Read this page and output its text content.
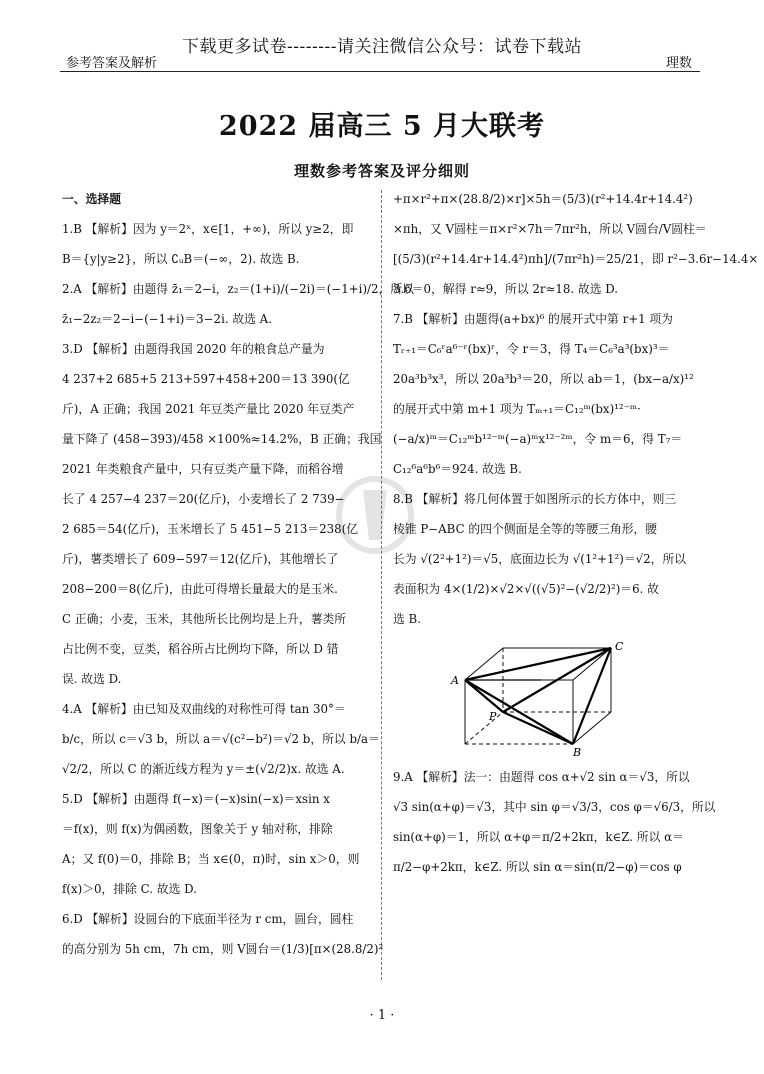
下载更多试卷--------请关注微信公众号：试卷下载站
参考答案及解析	理数
2022 届高三 5 月大联考
理数参考答案及评分细则
一、选择题
1.B 【解析】因为 y＝2ˣ，x∈[1，+∞)，所以 y≥2，即
B＝{y|y≥2}，所以 ∁ᵤB＝(−∞，2). 故选 B.
2.A 【解析】由题得 z̄₁＝2−i，z₂＝(1+i)/(−2i)＝(−1+i)/2，所以
z̄₁−2z₂＝2−i−(−1+i)＝3−2i. 故选 A.
3.D 【解析】由题得我国 2020 年的粮食总产量为
4 237+2 685+5 213+597+458+200＝13 390(亿
斤)，A 正确；我国 2021 年豆类产量比 2020 年豆类产
量下降了 (458−393)/458 ×100%≈14.2%，B 正确；我国
2021 年类粮食产量中，只有豆类产量下降，而稻谷增
长了 4 257−4 237＝20(亿斤)，小麦增长了 2 739−
2 685＝54(亿斤)，玉米增长了 5 451−5 213＝238(亿
斤)，薯类增长了 609−597＝12(亿斤)，其他增长了
208−200＝8(亿斤)，由此可得增长量最大的是玉米.
C 正确；小麦，玉米，其他所长比例均是上升，薯类所
占比例不变，豆类，稻谷所占比例均下降，所以 D 错
误. 故选 D.
4.A 【解析】由已知及双曲线的对称性可得 tan 30°＝
b/c，所以 c＝√3 b，所以 a＝√(c²−b²)＝√2 b，所以 b/a＝
√2/2，所以 C 的渐近线方程为 y＝±(√2/2)x. 故选 A.
5.D 【解析】由题得 f(−x)＝(−x)sin(−x)＝xsin x
＝f(x)，则 f(x)为偶函数，图象关于 y 轴对称，排除
A；又 f(0)＝0，排除 B；当 x∈(0，π)时，sin x＞0，则
f(x)＞0，排除 C. 故选 D.
6.D 【解析】设圆台的下底面半径为 r cm，圆台，圆柱
的高分别为 5h cm，7h cm，则 V圆台＝(1/3)[π×(28.8/2)²
+π×r²+π×(28.8/2)×r]×5h＝(5/3)(r²+14.4r+14.4²)
×πh，又 V圆柱＝π×r²×7h＝7πr²h，所以 V圆台/V圆柱＝
[(5/3)(r²+14.4r+14.4²)πh]/(7πr²h)＝25/21，即 r²−3.6r−14.4×
3.6＝0，解得 r≈9，所以 2r≈18. 故选 D.
7.B 【解析】由题得(a+bx)⁶ 的展开式中第 r+1 项为
Tᵣ₊₁＝C₆ʳa⁶⁻ʳ(bx)ʳ，令 r＝3，得 T₄＝C₆³a³(bx)³＝
20a³b³x³，所以 20a³b³＝20，所以 ab＝1，(bx−a/x)¹²
的展开式中第 m+1 项为 Tₘ₊₁＝C₁₂ᵐ(bx)¹²⁻ᵐ·
(−a/x)ᵐ＝C₁₂ᵐb¹²⁻ᵐ(−a)ᵐx¹²⁻²ᵐ，令 m＝6，得 T₇＝
C₁₂⁶a⁶b⁶＝924. 故选 B.
8.B 【解析】将几何体置于如图所示的长方体中，则三
棱锥 P−ABC 的四个侧面是全等的等腰三角形，腰
长为 √(2²+1²)＝√5，底面边长为 √(1²+1²)＝√2，所以
表面积为 4×(1/2)×√2×√((√5)²−(√2/2)²)＝6. 故
选 B.
A
C
B
P
9.A 【解析】法一：由题得 cos α+√2 sin α＝√3，所以
√3 sin(α+φ)＝√3，其中 sin φ＝√3/3，cos φ＝√6/3，所以
sin(α+φ)＝1，所以 α+φ＝π/2+2kπ，k∈Z. 所以 α＝
π/2−φ+2kπ，k∈Z. 所以 sin α＝sin(π/2−φ)＝cos φ
· 1 ·
